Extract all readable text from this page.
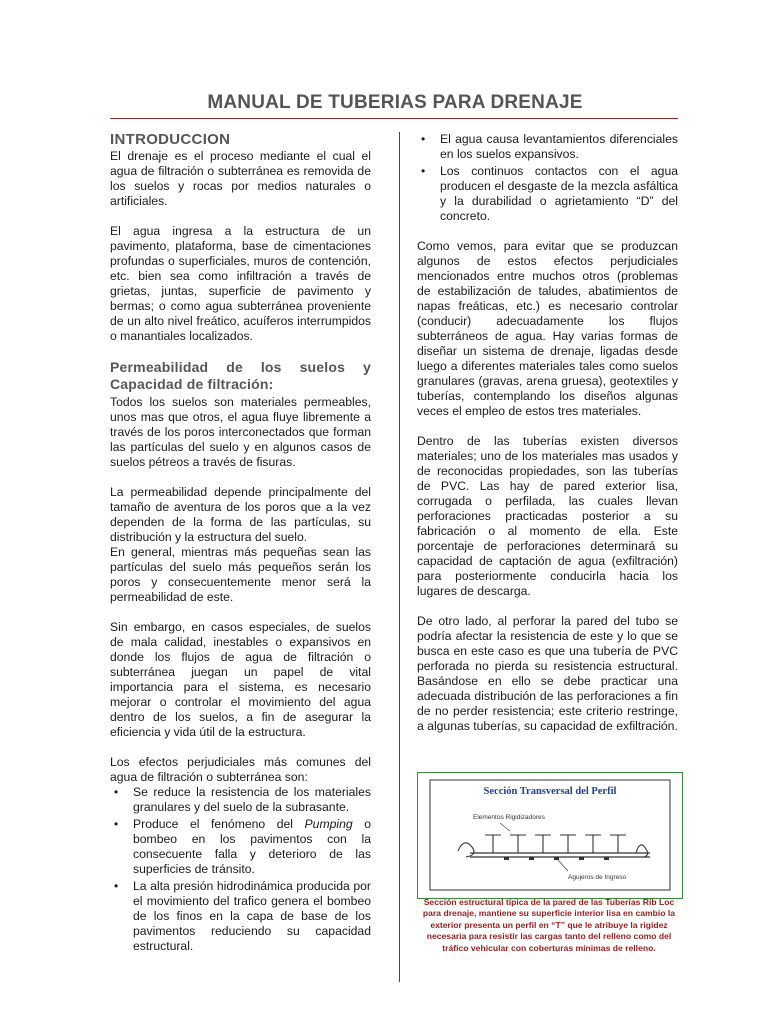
MANUAL DE TUBERIAS PARA DRENAJE
INTRODUCCION

El drenaje es el proceso mediante el cual el agua de filtración o subterránea es removida de los suelos y rocas por medios naturales o artificiales.

El agua ingresa a la estructura de un pavimento, plataforma, base de cimentaciones profundas o superficiales, muros de contención, etc. bien sea como infiltración a través de grietas, juntas, superficie de pavimento y bermas; o como agua subterránea proveniente de un alto nivel freático, acuíferos interrumpidos o manantiales localizados.

Permeabilidad de los suelos y Capacidad de filtración:

Todos los suelos son materiales permeables, unos mas que otros, el agua fluye libremente a través de los poros interconectados que forman las partículas del suelo y en algunos casos de suelos pétreos a través de fisuras.

La permeabilidad depende principalmente del tamaño de aventura de los poros que a la vez dependen de la forma de las partículas, su distribución y la estructura del suelo.

En general, mientras más pequeñas sean las partículas del suelo más pequeños serán los poros y consecuentemente menor será la permeabilidad de este.

Sin embargo, en casos especiales, de suelos de mala calidad, inestables o expansivos en donde los flujos de agua de filtración o subterránea juegan un papel de vital importancia para el sistema, es necesario mejorar o controlar el movimiento del agua dentro de los suelos, a fin de asegurar la eficiencia y vida útil de la estructura.

Los efectos perjudiciales más comunes del agua de filtración o subterránea son:

• Se reduce la resistencia de los materiales granulares y del suelo de la subrasante.
• Produce el fenómeno del Pumping o bombeo en los pavimentos con la consecuente falla y deterioro de las superficies de tránsito.
• La alta presión hidrodinámica producida por el movimiento del trafico genera el bombeo de los finos en la capa de base de los pavimentos reduciendo su capacidad estructural.
• El agua causa levantamientos diferenciales en los suelos expansivos.
• Los continuos contactos con el agua producen el desgaste de la mezcla asfáltica y la durabilidad o agrietamiento “D” del concreto.

Como vemos, para evitar que se produzcan algunos de estos efectos perjudiciales mencionados entre muchos otros (problemas de estabilización de taludes, abatimientos de napas freáticas, etc.) es necesario controlar (conducir) adecuadamente los flujos subterráneos de agua. Hay varias formas de diseñar un sistema de drenaje, ligadas desde luego a diferentes materiales tales como suelos granulares (gravas, arena gruesa), geotextiles y tuberías, contemplando los diseños algunas veces el empleo de estos tres materiales.

Dentro de las tuberías existen diversos materiales; uno de los materiales mas usados y de reconocidas propiedades, son las tuberías de PVC. Las hay de pared exterior lisa, corrugada o perfilada, las cuales llevan perforaciones practicadas posterior a su fabricación o al momento de ella. Este porcentaje de perforaciones determinará su capacidad de captación de agua (exfiltración) para posteriormente conducirla hacia los lugares de descarga.

De otro lado, al perforar la pared del tubo se podría afectar la resistencia de este y lo que se busca en este caso es que una tubería de PVC perforada no pierda su resistencia estructural. Basándose en ello se debe practicar una adecuada distribución de las perforaciones a fin de no perder resistencia; este criterio restringe, a algunas tuberías, su capacidad de exfiltración.

Sección Transversal del Perfil
Elementos Rigidizadores
Agujeros de Ingreso
Sección estructural típica de la pared de las Tuberías Rib Loc para drenaje, mantiene su superficie interior lisa en cambio la exterior presenta un perfil en “T” que le atribuye la rigidez necesaria para resistir las cargas tanto del relleno como del tráfico vehicular con coberturas mínimas de relleno.
